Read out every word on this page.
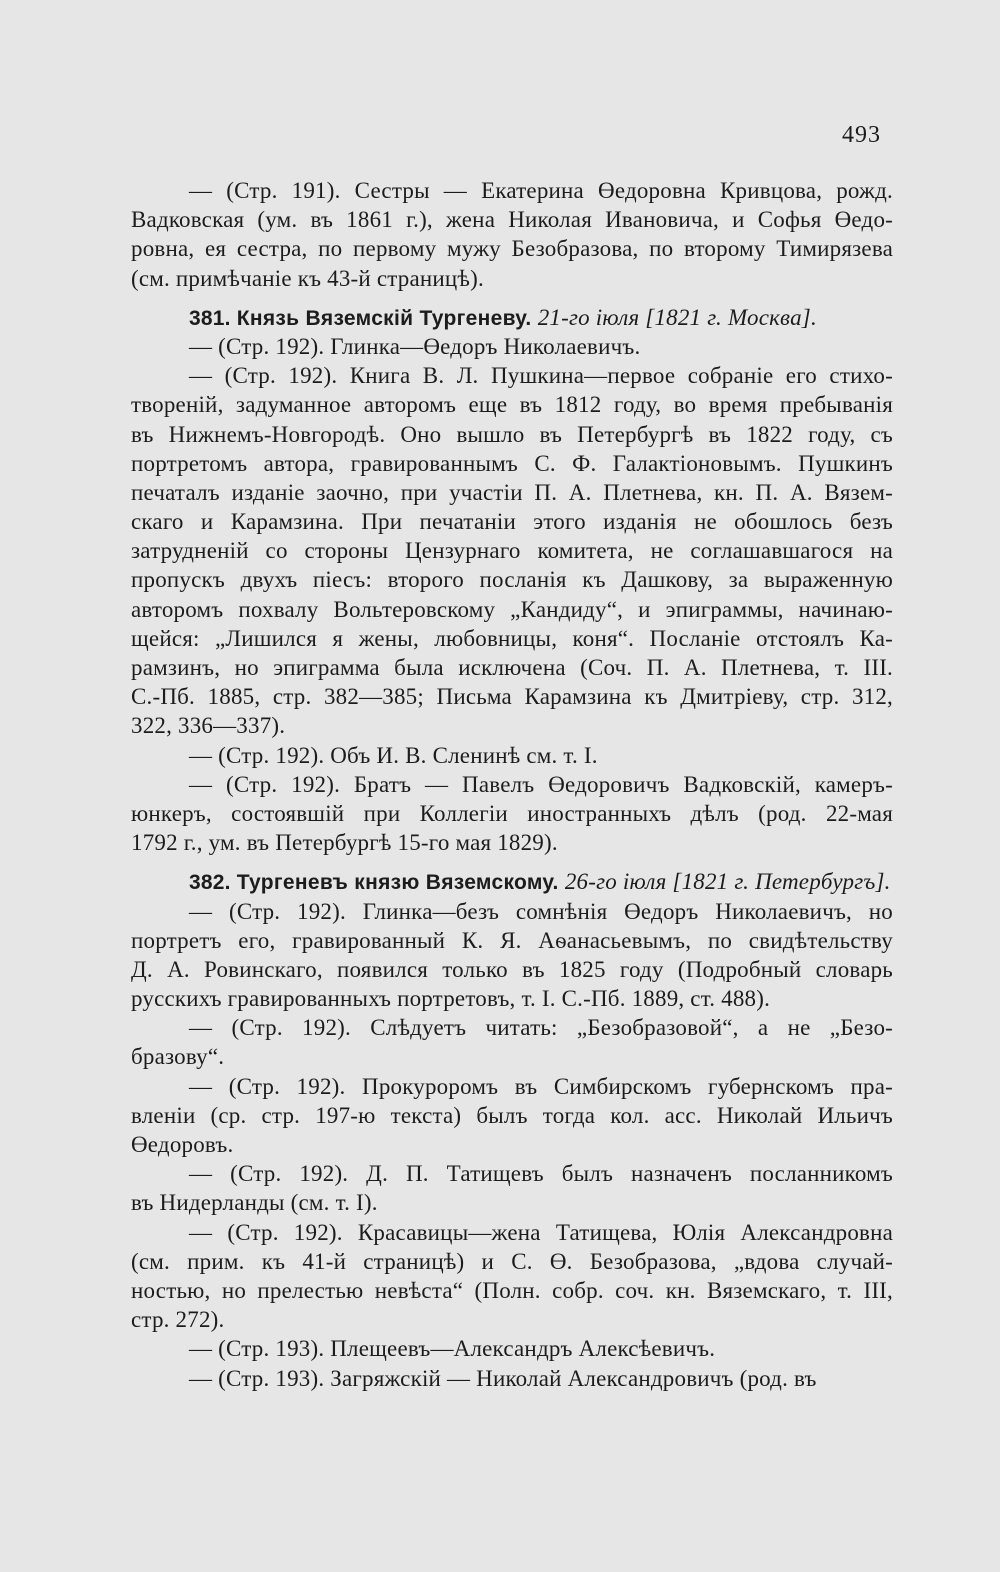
493
— (Стр. 191). Сестры — Екатерина Өедоровна Кривцова, рожд.
Вадковская (ум. въ 1861 г.), жена Николая Ивановича, и Софья Өедо-
ровна, ея сестра, по первому мужу Безобразова, по второму Тимирязева
(см. примѣчаніе къ 43-й страницѣ).
381. Князь Вяземскій Тургеневу. 21-го іюля [1821 г. Москва].
— (Стр. 192). Глинка—Өедоръ Николаевичъ.
— (Стр. 192). Книга В. Л. Пушкина—первое собраніе его стихо-
твореній, задуманное авторомъ еще въ 1812 году, во время пребыванія
въ Нижнемъ-Новгородѣ. Оно вышло въ Петербургѣ въ 1822 году, съ
портретомъ автора, гравированнымъ С. Ф. Галактіоновымъ. Пушкинъ
печаталъ изданіе заочно, при участіи П. А. Плетнева, кн. П. А. Вязем-
скаго и Карамзина. При печатаніи этого изданія не обошлось безъ
затрудненій со стороны Цензурнаго комитета, не соглашавшагося на
пропускъ двухъ піесъ: второго посланія къ Дашкову, за выраженную
авторомъ похвалу Вольтеровскому „Кандиду“, и эпиграммы, начинаю-
щейся: „Лишился я жены, любовницы, коня“. Посланіе отстоялъ Ка-
рамзинъ, но эпиграмма была исключена (Соч. П. А. Плетнева, т. III.
С.-Пб. 1885, стр. 382—385; Письма Карамзина къ Дмитріеву, стр. 312,
322, 336—337).
— (Стр. 192). Объ И. В. Сленинѣ см. т. I.
— (Стр. 192). Братъ — Павелъ Өедоровичъ Вадковскій, камеръ-
юнкеръ, состоявшій при Коллегіи иностранныхъ дѣлъ (род. 22-мая
1792 г., ум. въ Петербургѣ 15-го мая 1829).
382. Тургеневъ князю Вяземскому. 26-го іюля [1821 г. Петербургъ].
— (Стр. 192). Глинка—безъ сомнѣнія Өедоръ Николаевичъ, но
портретъ его, гравированный К. Я. Аѳанасьевымъ, по свидѣтельству
Д. А. Ровинскаго, появился только въ 1825 году (Подробный словарь
русскихъ гравированныхъ портретовъ, т. I. С.-Пб. 1889, ст. 488).
— (Стр. 192). Слѣдуетъ читать: „Безобразовой“, а не „Безо-
бразову“.
— (Стр. 192). Прокуроромъ въ Симбирскомъ губернскомъ пра-
вленіи (ср. стр. 197-ю текста) былъ тогда кол. асс. Николай Ильичъ
Өедоровъ.
— (Стр. 192). Д. П. Татищевъ былъ назначенъ посланникомъ
въ Нидерланды (см. т. I).
— (Стр. 192). Красавицы—жена Татищева, Юлія Александровна
(см. прим. къ 41-й страницѣ) и С. Ө. Безобразова, „вдова случай-
ностью, но прелестью невѣста“ (Полн. собр. соч. кн. Вяземскаго, т. III,
стр. 272).
— (Стр. 193). Плещеевъ—Александръ Алексѣевичъ.
— (Стр. 193). Загряжскій — Николай Александровичъ (род. въ
